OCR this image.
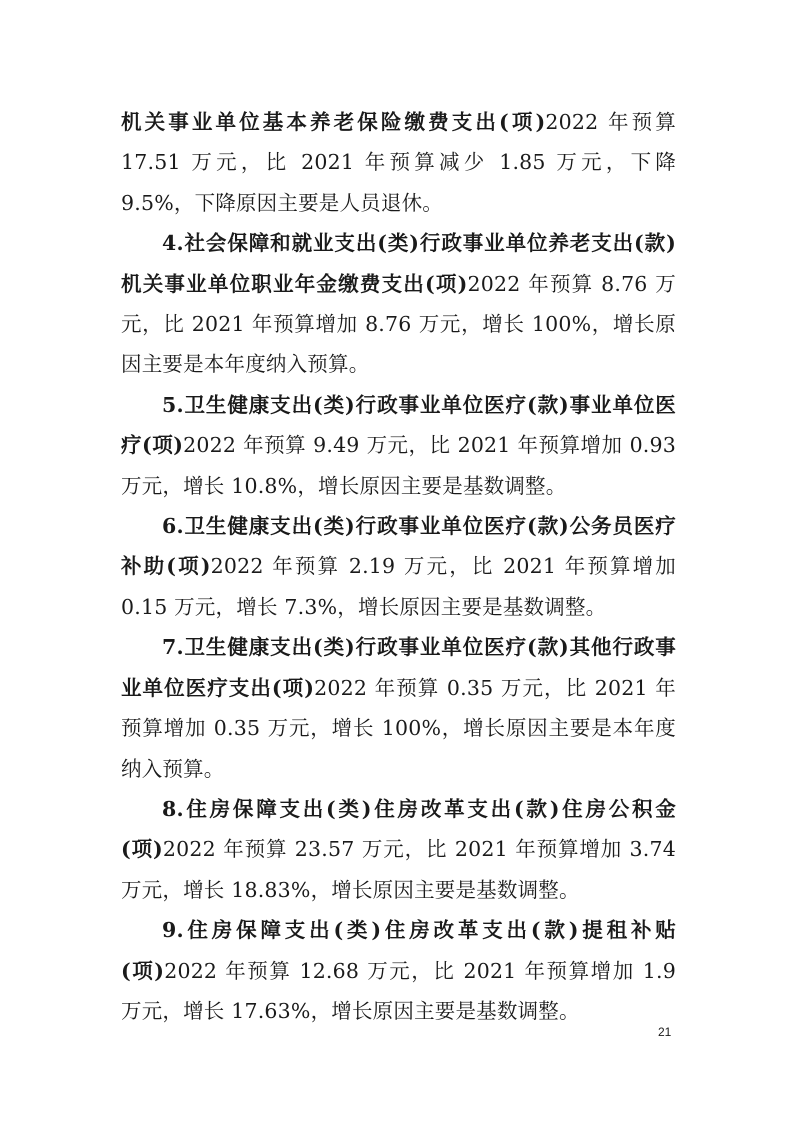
机关事业单位基本养老保险缴费支出(项)2022 年预算 17.51 万元，比 2021 年预算减少 1.85 万元，下降 9.5%，下降原因主要是人员退休。

4.社会保障和就业支出(类)行政事业单位养老支出(款)机关事业单位职业年金缴费支出(项)2022 年预算 8.76 万元，比 2021 年预算增加 8.76 万元，增长 100%，增长原因主要是本年度纳入预算。

5.卫生健康支出(类)行政事业单位医疗(款)事业单位医疗(项)2022 年预算 9.49 万元，比 2021 年预算增加 0.93 万元，增长 10.8%，增长原因主要是基数调整。

6.卫生健康支出(类)行政事业单位医疗(款)公务员医疗补助(项)2022 年预算 2.19 万元，比 2021 年预算增加 0.15 万元，增长 7.3%，增长原因主要是基数调整。

7.卫生健康支出(类)行政事业单位医疗(款)其他行政事业单位医疗支出(项)2022 年预算 0.35 万元，比 2021 年预算增加 0.35 万元，增长 100%，增长原因主要是本年度纳入预算。

8.住房保障支出(类)住房改革支出(款)住房公积金(项)2022 年预算 23.57 万元，比 2021 年预算增加 3.74 万元，增长 18.83%，增长原因主要是基数调整。

9.住房保障支出(类)住房改革支出(款)提租补贴(项)2022 年预算 12.68 万元，比 2021 年预算增加 1.9 万元，增长 17.63%，增长原因主要是基数调整。

21
